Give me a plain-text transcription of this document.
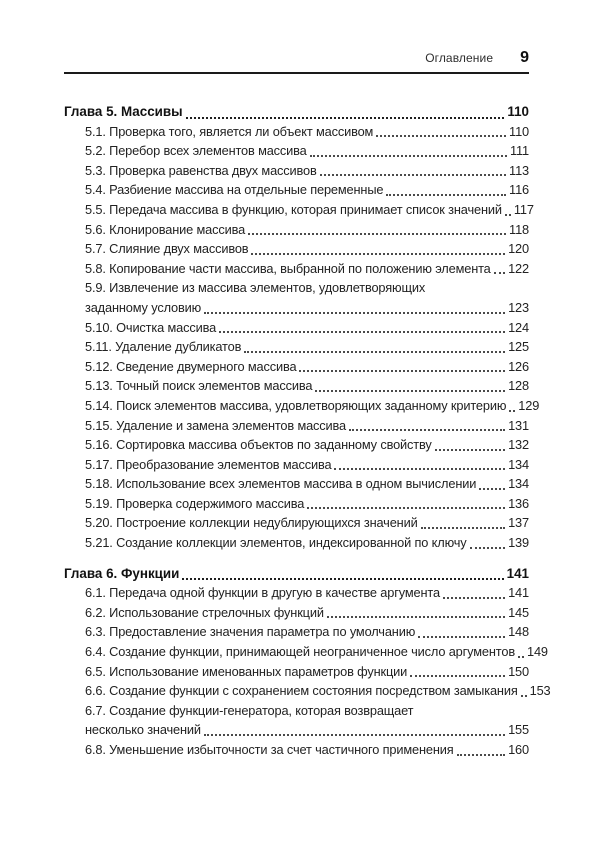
Оглавление 9
Глава 5. Массивы	110
5.1. Проверка того, является ли объект массивом	110
5.2. Перебор всех элементов массива	111
5.3. Проверка равенства двух массивов	113
5.4. Разбиение массива на отдельные переменные	116
5.5. Передача массива в функцию, которая принимает список значений 117
5.6. Клонирование массива	118
5.7. Слияние двух массивов	120
5.8. Копирование части массива, выбранной по положению элемента 122
5.9. Извлечение из массива элементов, удовлетворяющих
заданному условию	123
5.10. Очистка массива	124
5.11. Удаление дубликатов	125
5.12. Сведение двумерного массива	126
5.13. Точный поиск элементов массива	128
5.14. Поиск элементов массива, удовлетворяющих заданному критерию 129
5.15. Удаление и замена элементов массива	131
5.16. Сортировка массива объектов по заданному свойству	132
5.17. Преобразование элементов массива	134
5.18. Использование всех элементов массива в одном вычислении 134
5.19. Проверка содержимого массива	136
5.20. Построение коллекции недублирующихся значений	137
5.21. Создание коллекции элементов, индексированной по ключу	139
Глава 6. Функции	141
6.1. Передача одной функции в другую в качестве аргумента	141
6.2. Использование стрелочных функций	145
6.3. Предоставление значения параметра по умолчанию	148
6.4. Создание функции, принимающей неограниченное число аргументов 149
6.5. Использование именованных параметров функции	150
6.6. Создание функции с сохранением состояния посредством замыкания 153
6.7. Создание функции-генератора, которая возвращает
несколько значений	155
6.8. Уменьшение избыточности за счет частичного применения	160
